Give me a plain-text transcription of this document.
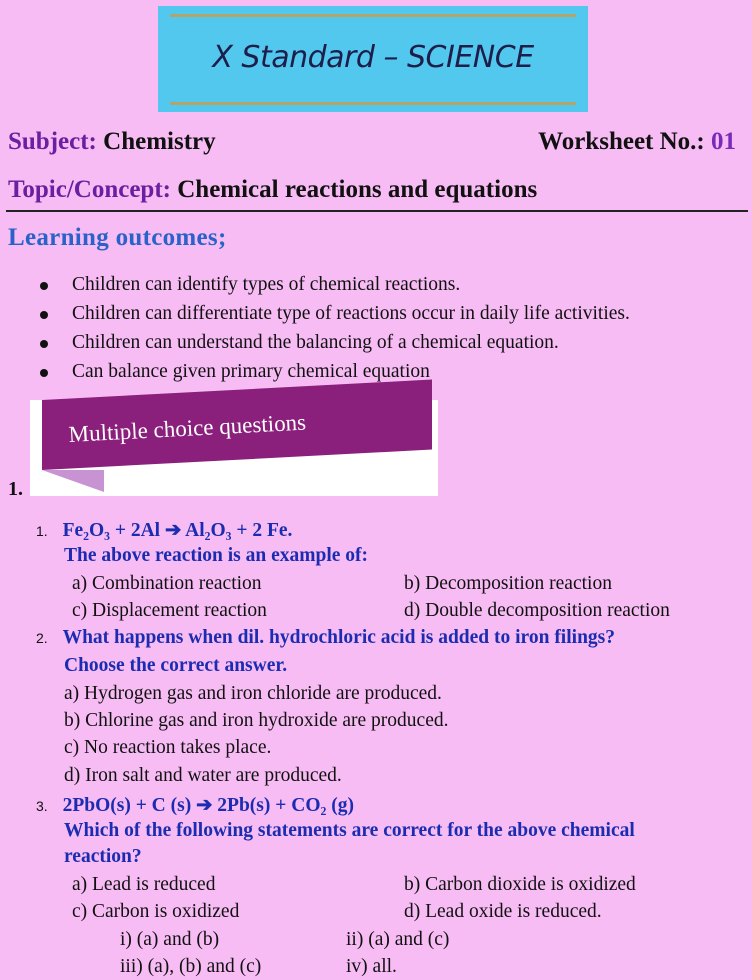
X Standard – SCIENCE
Subject: Chemistry	Worksheet No.: 01
Topic/Concept: Chemical reactions and equations
Learning outcomes;
Children can identify types of chemical reactions.
Children can differentiate type of reactions occur in daily life activities.
Children can understand the balancing of a chemical equation.
Can balance given primary chemical equation
Multiple choice questions
1.
1. Fe₂O₃ + 2Al ➔ Al₂O₃ + 2 Fe.
The above reaction is an example of:
a) Combination reaction	b) Decomposition reaction
c) Displacement reaction	d) Double decomposition reaction
2. What happens when dil. hydrochloric acid is added to iron filings?
Choose the correct answer.
a) Hydrogen gas and iron chloride are produced.
b) Chlorine gas and iron hydroxide are produced.
c) No reaction takes place.
d) Iron salt and water are produced.
3. 2PbO(s) + C (s) ➔ 2Pb(s) + CO₂ (g)
Which of the following statements are correct for the above chemical
reaction?
a) Lead is reduced	b) Carbon dioxide is oxidized
c) Carbon is oxidized	d) Lead oxide is reduced.
i) (a) and (b)	ii) (a) and (c)
iii) (a), (b) and (c)	iv) all.
